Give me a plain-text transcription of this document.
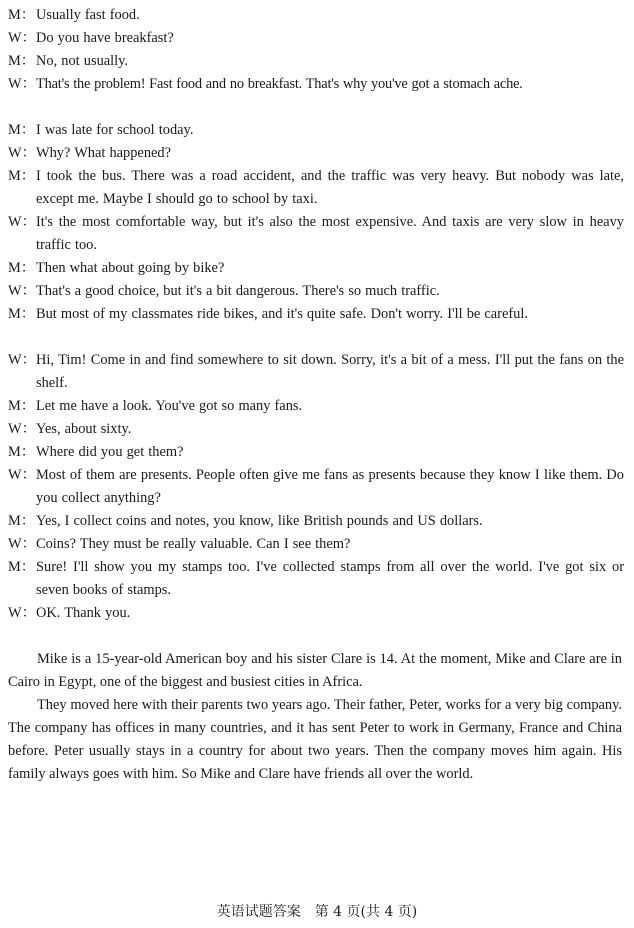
M： Usually fast food.
W： Do you have breakfast?
M： No, not usually.
W： That's the problem! Fast food and no breakfast. That's why you've got a stomach ache.
M： I was late for school today.
W： Why? What happened?
M： I took the bus. There was a road accident, and the traffic was very heavy. But nobody was late, except me. Maybe I should go to school by taxi.
W： It's the most comfortable way, but it's also the most expensive. And taxis are very slow in heavy traffic too.
M： Then what about going by bike?
W： That's a good choice, but it's a bit dangerous. There's so much traffic.
M： But most of my classmates ride bikes, and it's quite safe. Don't worry. I'll be careful.
W： Hi, Tim! Come in and find somewhere to sit down. Sorry, it's a bit of a mess. I'll put the fans on the shelf.
M： Let me have a look. You've got so many fans.
W： Yes, about sixty.
M： Where did you get them?
W： Most of them are presents. People often give me fans as presents because they know I like them. Do you collect anything?
M： Yes, I collect coins and notes, you know, like British pounds and US dollars.
W： Coins? They must be really valuable. Can I see them?
M： Sure! I'll show you my stamps too. I've collected stamps from all over the world. I've got six or seven books of stamps.
W： OK. Thank you.

Mike is a 15-year-old American boy and his sister Clare is 14. At the moment, Mike and Clare are in Cairo in Egypt, one of the biggest and busiest cities in Africa.

They moved here with their parents two years ago. Their father, Peter, works for a very big company. The company has offices in many countries, and it has sent Peter to work in Germany, France and China before. Peter usually stays in a country for about two years. Then the company moves him again. His family always goes with him. So Mike and Clare have friends all over the world.

英语试题答案　第 4 页(共 4 页)
